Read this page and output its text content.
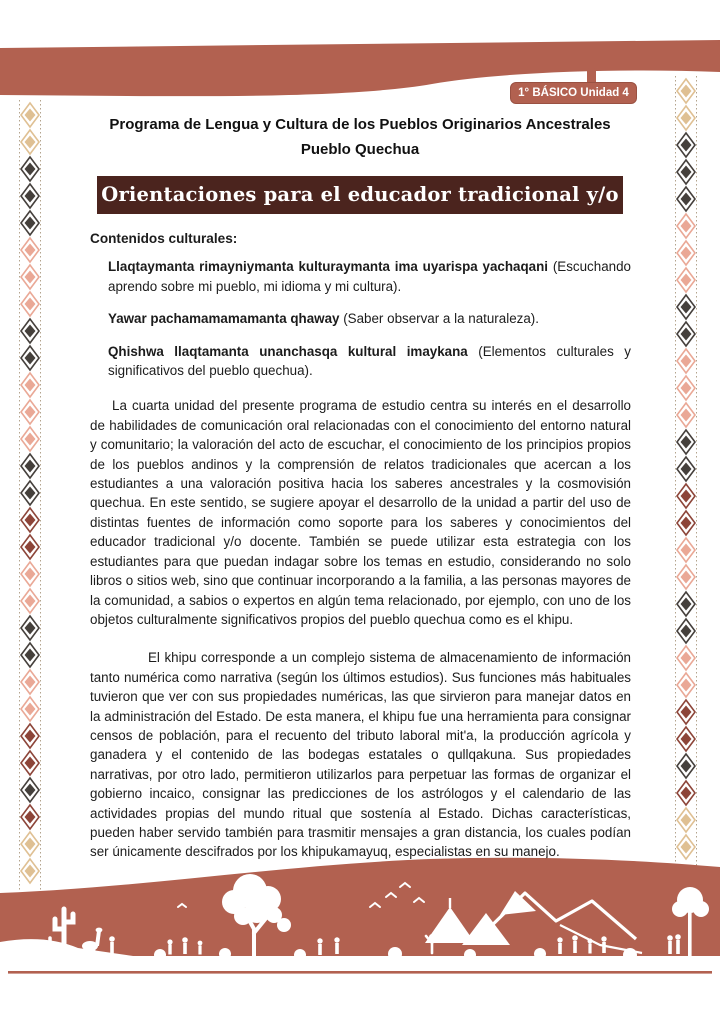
1° BÁSICO Unidad 4
Programa de Lengua y Cultura de los Pueblos Originarios Ancestrales
Pueblo Quechua
Orientaciones para el educador tradicional y/o docente

Contenidos culturales:

Llaqtaymanta rimayniymanta kulturaymanta ima uyarispa yachaqani (Escuchando aprendo sobre mi pueblo, mi idioma y mi cultura).

Yawar pachamamamamanta qhaway (Saber observar a la naturaleza).

Qhishwa llaqtamanta unanchasqa kultural imaykana (Elementos culturales y significativos del pueblo quechua).

La cuarta unidad del presente programa de estudio centra su interés en el desarrollo de habilidades de comunicación oral relacionadas con el conocimiento del entorno natural y comunitario; la valoración del acto de escuchar, el conocimiento de los principios propios de los pueblos andinos y la comprensión de relatos tradicionales que acercan a los estudiantes a una valoración positiva hacia los saberes ancestrales y la cosmovisión quechua. En este sentido, se sugiere apoyar el desarrollo de la unidad a partir del uso de distintas fuentes de información como soporte para los saberes y conocimientos del educador tradicional y/o docente. También se puede utilizar esta estrategia con los estudiantes para que puedan indagar sobre los temas en estudio, considerando no solo libros o sitios web, sino que continuar incorporando a la familia, a las personas mayores de la comunidad, a sabios o expertos en algún tema relacionado, por ejemplo, con uno de los objetos culturalmente significativos propios del pueblo quechua como es el khipu.

El khipu corresponde a un complejo sistema de almacenamiento de información tanto numérica como narrativa (según los últimos estudios). Sus funciones más habituales tuvieron que ver con sus propiedades numéricas, las que sirvieron para manejar datos en la administración del Estado. De esta manera, el khipu fue una herramienta para consignar censos de población, para el recuento del tributo laboral mit'a, la producción agrícola y ganadera y el contenido de las bodegas estatales o qullqakuna. Sus propiedades narrativas, por otro lado, permitieron utilizarlos para perpetuar las formas de organizar el gobierno incaico, consignar las predicciones de los astrólogos y el calendario de las actividades propias del mundo ritual que sostenía al Estado. Dichas características, pueden haber servido también para trasmitir mensajes a gran distancia, los cuales podían ser únicamente descifrados por los khipukamayuq, especialistas en su manejo.
